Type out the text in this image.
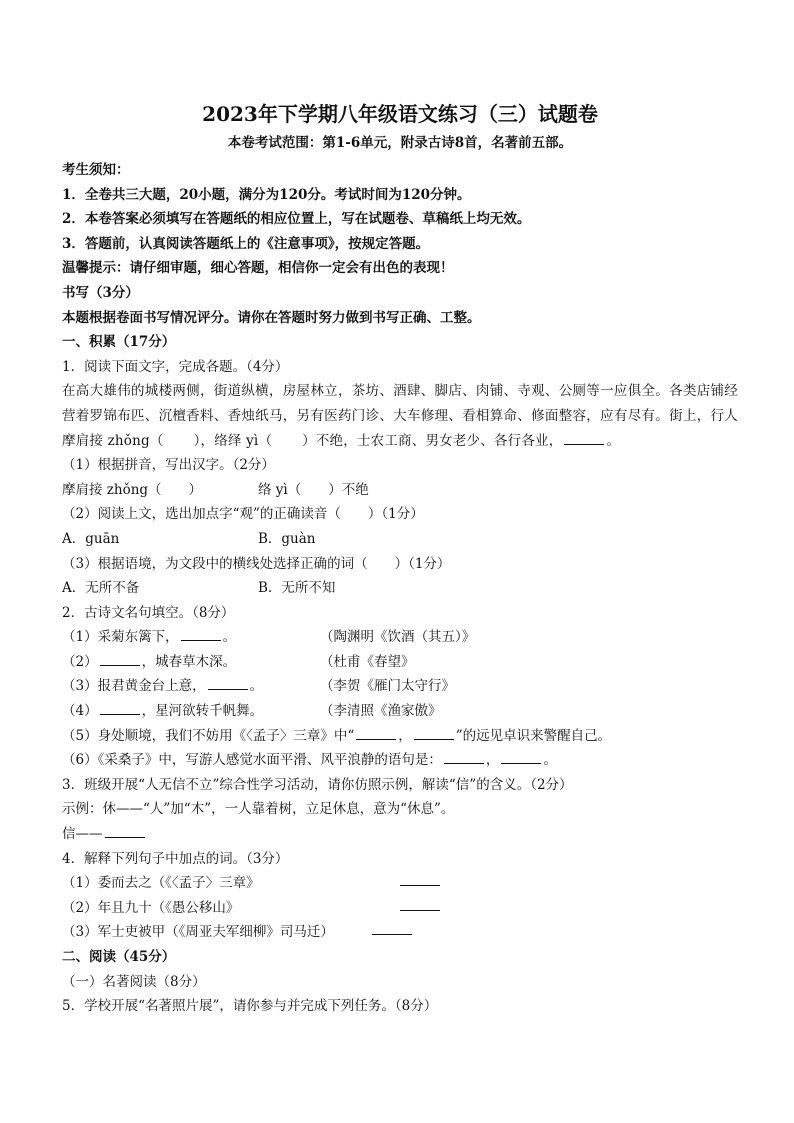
2023年下学期八年级语文练习（三）试题卷
本卷考试范围：第1-6单元，附录古诗8首，名著前五部。
考生须知：
1．全卷共三大题，20小题，满分为120分。考试时间为120分钟。
2．本卷答案必须填写在答题纸的相应位置上，写在试题卷、草稿纸上均无效。
3．答题前，认真阅读答题纸上的《注意事项》，按规定答题。
温馨提示：请仔细审题，细心答题，相信你一定会有出色的表现！
书写（3分）
本题根据卷面书写情况评分。请你在答题时努力做到书写正确、工整。
一、积累（17分）
1．阅读下面文字，完成各题。（4分）
在高大雄伟的城楼两侧，街道纵横，房屋林立，茶坊、酒肆、脚店、肉铺、寺观、公厕等一应俱全。各类店铺经营着罗锦布匹、沉檀香料、香烛纸马，另有医药门诊、大车修理、看相算命、修面整容，应有尽有。街上，行人摩肩接 zhǒng（ ），络绎 yì（ ）不绝，士农工商、男女老少、各行各业，	。
（1）根据拼音，写出汉字。（2分）
摩肩接 zhǒng（　　）	络 yì（　　）不绝
（2）阅读上文，选出加点字“观”的正确读音（　　）（1分）
A．guān	B．guàn
（3）根据语境，为文段中的横线处选择正确的词（　　）（1分）
A．无所不备	B．无所不知
2．古诗文名句填空。（8分）
（1）采菊东篱下，	。	（陶渊明《饮酒（其五）》
（2）	，城春草木深。	（杜甫《春望》
（3）报君黄金台上意，	。	（李贺《雁门太守行》
（4）	，星河欲转千帆舞。	（李清照《渔家傲》
（5）身处顺境，我们不妨用《〈孟子〉三章》中“	，	”的远见卓识来警醒自己。
（6）《采桑子》中，写游人感觉水面平滑、风平浪静的语句是：	，	。
3．班级开展“人无信不立”综合性学习活动，请你仿照示例，解读“信”的含义。（2分）
示例：休——“人”加“木”，一人靠着树，立足休息，意为“休息”。
信——
4．解释下列句子中加点的词。（3分）
（1）委而去之（《〈孟子〉三章》
（2）年且九十（《愚公移山》
（3）军士吏被甲（《周亚夫军细柳》司马迁）
二、阅读（45分）
（一）名著阅读（8分）
5．学校开展“名著照片展”，请你参与并完成下列任务。（8分）
